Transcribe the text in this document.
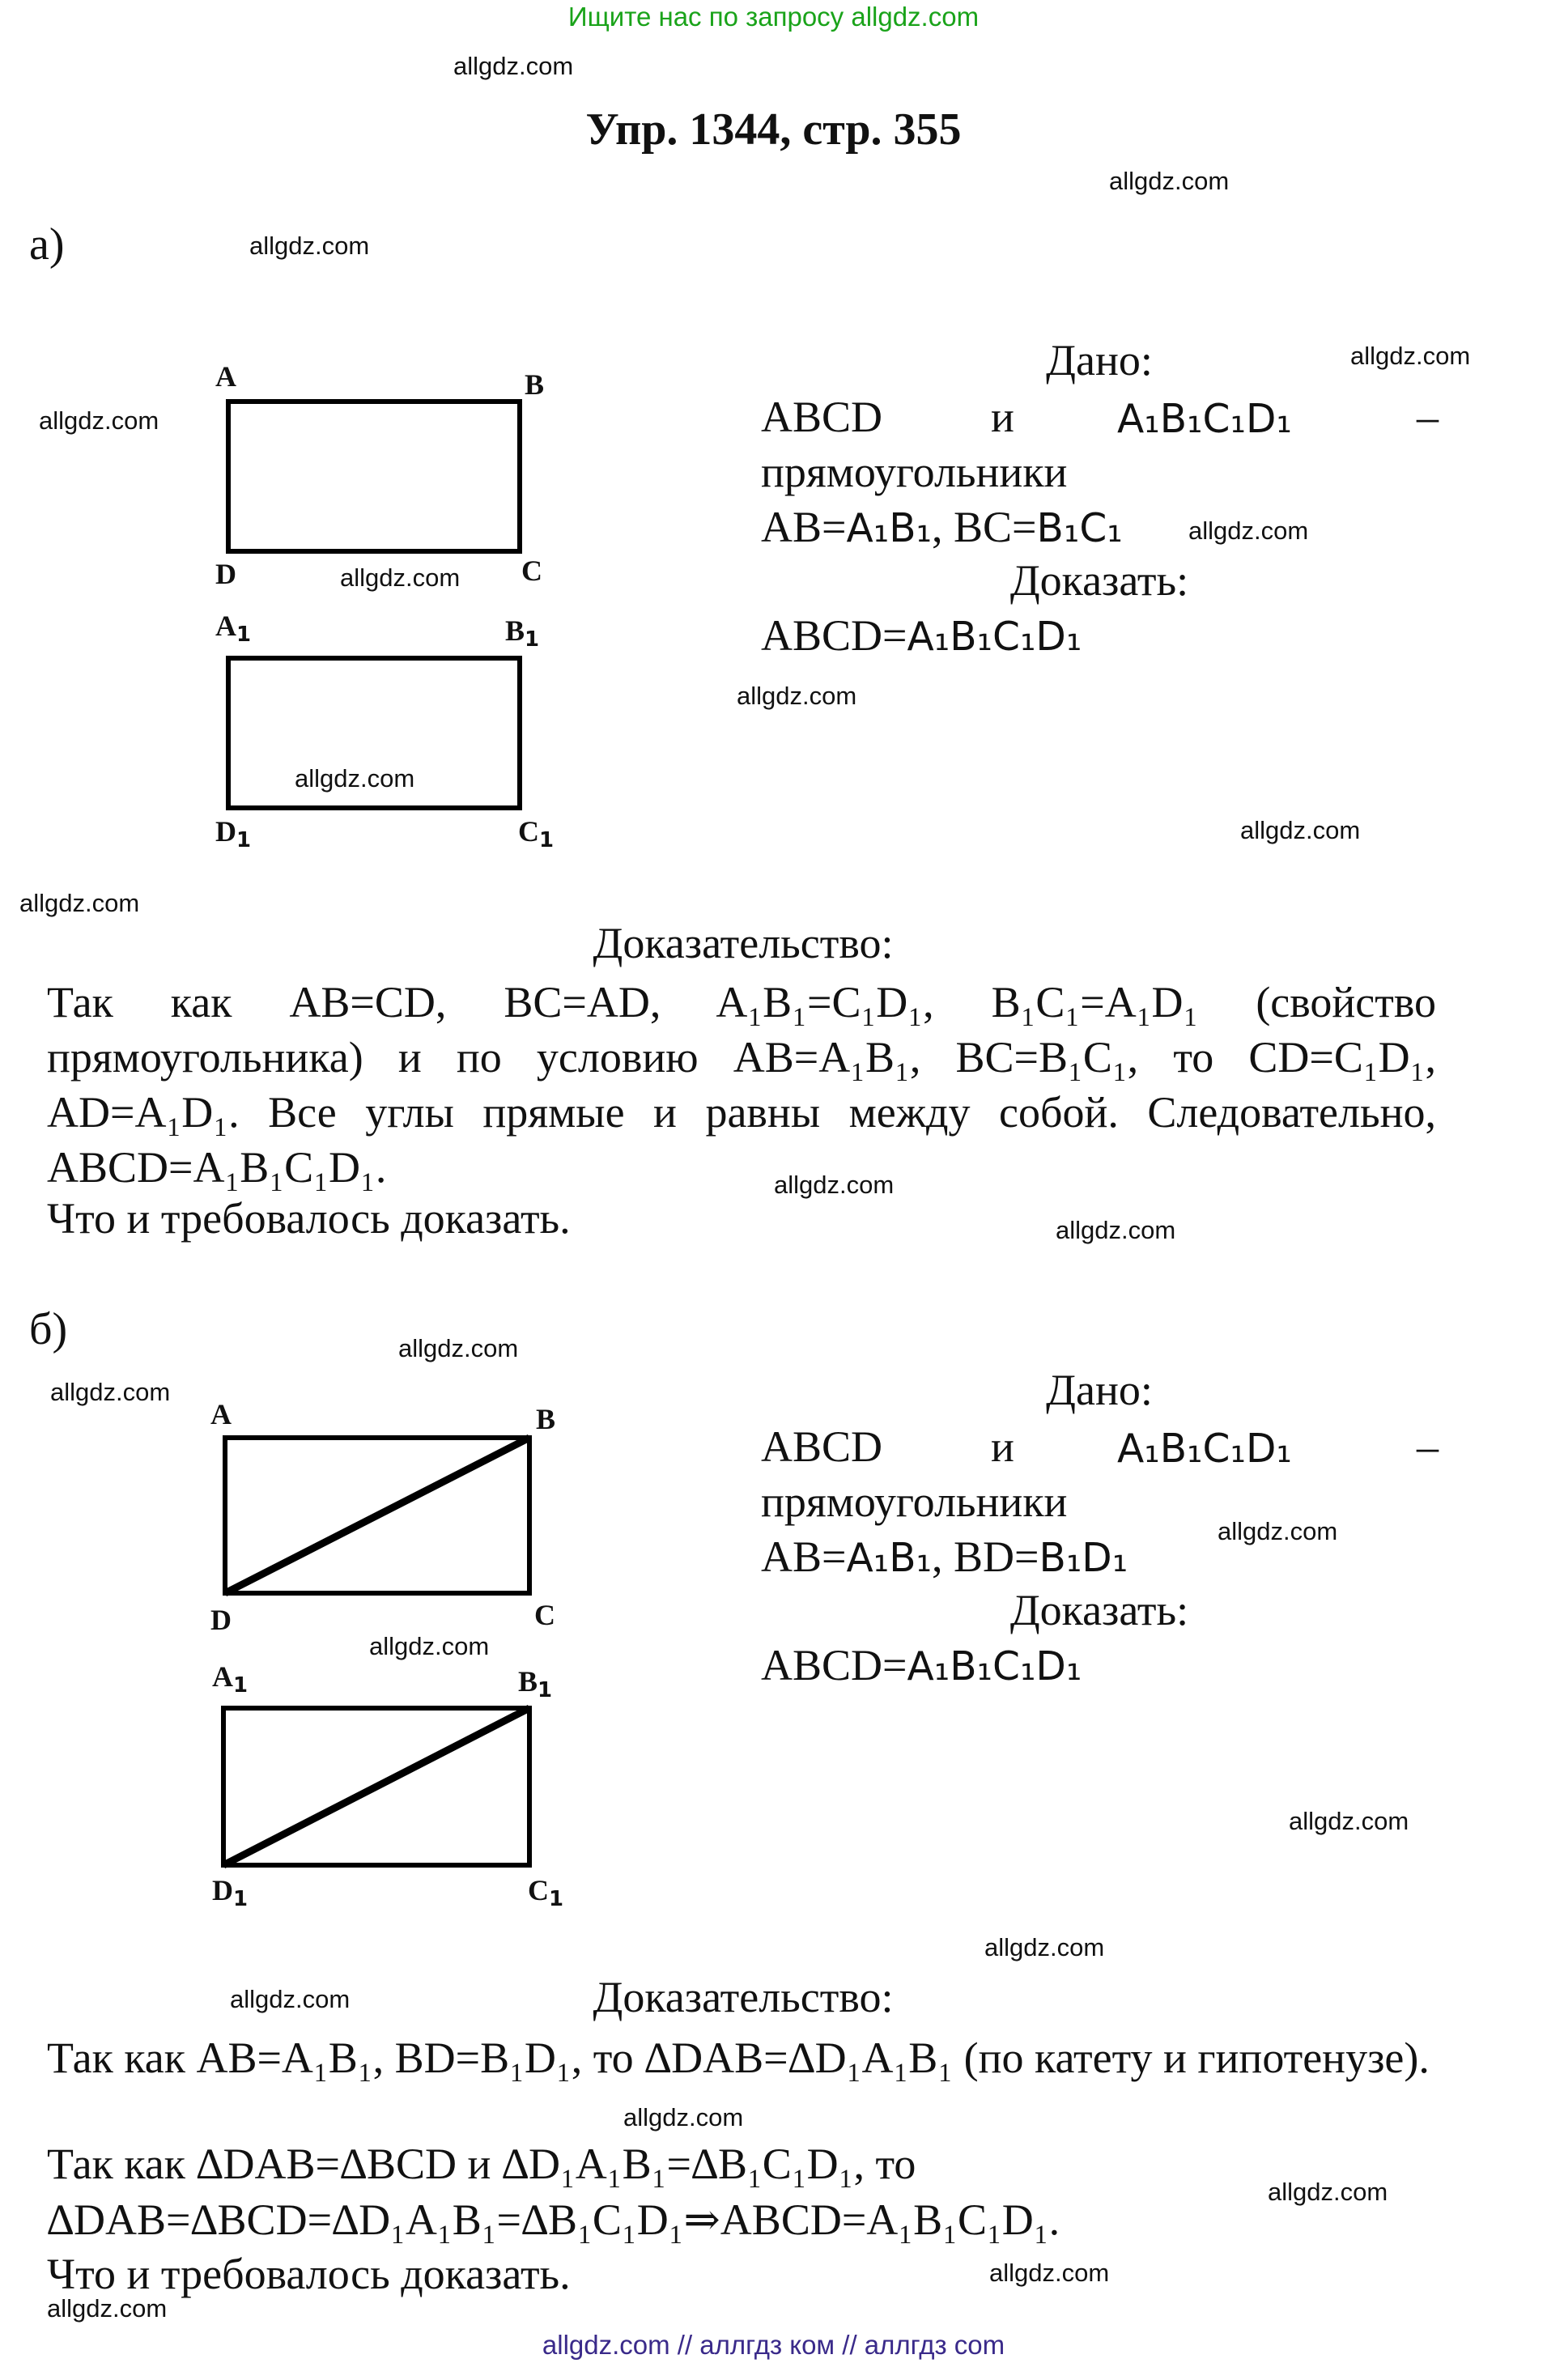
Ищите нас по запросу allgdz.com
allgdz.com
allgdz.com
allgdz.com
allgdz.com
allgdz.com
allgdz.com
allgdz.com
allgdz.com
allgdz.com
allgdz.com
allgdz.com
allgdz.com
allgdz.com
allgdz.com
allgdz.com
allgdz.com
allgdz.com
allgdz.com
allgdz.com
allgdz.com
allgdz.com
allgdz.com
allgdz.com
allgdz.com
Упр. 1344, стр. 355
а)
A	B
C
D
$A_1$	$B_1$
$C_1$
$D_1$
Дано:
ABCD и	A₁B₁C₁D₁	–
прямоугольники
AB=A₁B₁, BC=B₁C₁
Доказать:
ABCD=A₁B₁C₁D₁
Доказательство:
Так как AB=CD, BC=AD, A₁B₁=C₁D₁, B₁C₁=A₁D₁ (свойство прямоугольника) и по условию AB=A₁B₁, BC=B₁C₁, то CD=C₁D₁, AD=A₁D₁. Все углы прямые и равны между собой. Следовательно, ABCD=A₁B₁C₁D₁.
Что и требовалось доказать.
б)
A	B
C
D
$A_1$	$B_1$
$C_1$
$D_1$
Дано:
ABCD и	A₁B₁C₁D₁	–
прямоугольники
AB=A₁B₁, BD=B₁D₁
Доказать:
ABCD=A₁B₁C₁D₁
Доказательство:
Так как AB=A₁B₁, BD=B₁D₁, то ∆DAB=∆D₁A₁B₁ (по катету и гипотенузе).
Так как ∆DAB=∆BCD и ∆D₁A₁B₁=∆B₁C₁D₁, то
∆DAB=∆BCD=∆D₁A₁B₁=∆B₁C₁D₁⇒ABCD=A₁B₁C₁D₁.
Что и требовалось доказать.
allgdz.com // аллгдз ком // аллгдз com
